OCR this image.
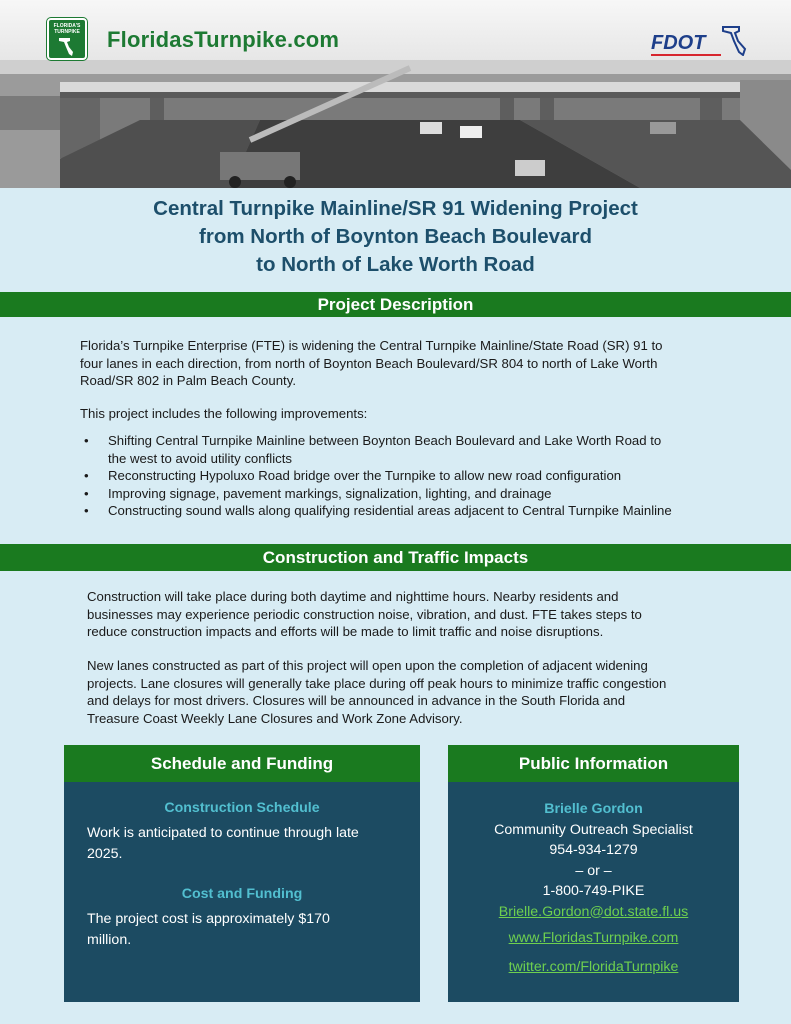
FLORIDA'S TURNPIKE	FloridasTurnpike.com	FDOT
Central Turnpike Mainline/SR 91 Widening Project
from North of Boynton Beach Boulevard
to North of Lake Worth Road
Project Description
Florida’s Turnpike Enterprise (FTE) is widening the Central Turnpike Mainline/State Road (SR) 91 to
four lanes in each direction, from north of Boynton Beach Boulevard/SR 804 to north of Lake Worth
Road/SR 802 in Palm Beach County.
This project includes the following improvements:
• Shifting Central Turnpike Mainline between Boynton Beach Boulevard and Lake Worth Road to
the west to avoid utility conflicts
• Reconstructing Hypoluxo Road bridge over the Turnpike to allow new road configuration
• Improving signage, pavement markings, signalization, lighting, and drainage
• Constructing sound walls along qualifying residential areas adjacent to Central Turnpike Mainline
Construction and Traffic Impacts
Construction will take place during both daytime and nighttime hours. Nearby residents and
businesses may experience periodic construction noise, vibration, and dust. FTE takes steps to
reduce construction impacts and efforts will be made to limit traffic and noise disruptions.
New lanes constructed as part of this project will open upon the completion of adjacent widening
projects. Lane closures will generally take place during off peak hours to minimize traffic congestion
and delays for most drivers. Closures will be announced in advance in the South Florida and
Treasure Coast Weekly Lane Closures and Work Zone Advisory.
Schedule and Funding
Construction Schedule
Work is anticipated to continue through late
2025.
Cost and Funding
The project cost is approximately $170
million.
Public Information
Brielle Gordon
Community Outreach Specialist
954-934-1279
– or –
1-800-749-PIKE
Brielle.Gordon@dot.state.fl.us
www.FloridasTurnpike.com
twitter.com/FloridaTurnpike
